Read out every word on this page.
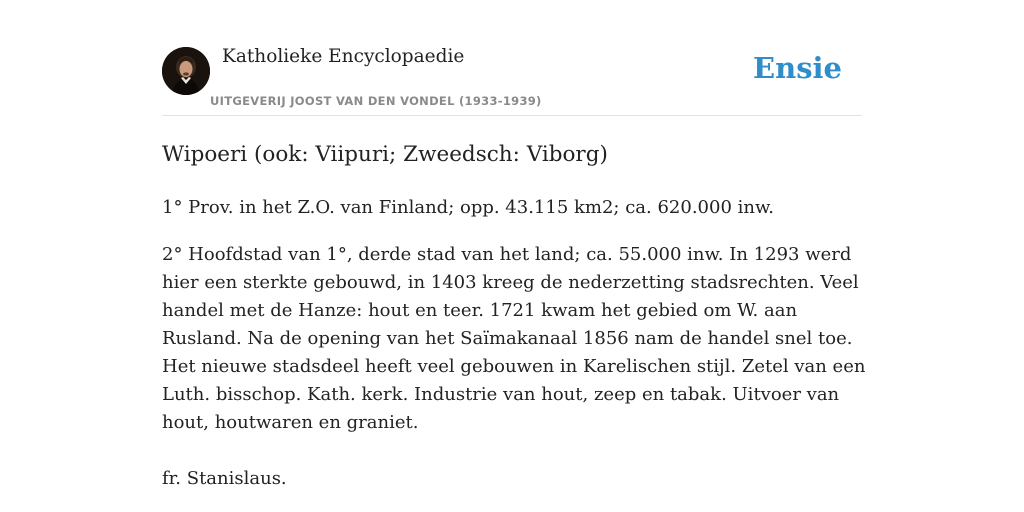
Katholieke Encyclopaedie
UITGEVERIJ JOOST VAN DEN VONDEL (1933-1939)
Ensie
Wipoeri (ook: Viipuri; Zweedsch: Viborg)

1° Prov. in het Z.O. van Finland; opp. 43.115 km2; ca. 620.000 inw.

2° Hoofdstad van 1°, derde stad van het land; ca. 55.000 inw. In 1293 werd hier een sterkte gebouwd, in 1403 kreeg de nederzetting stadsrechten. Veel handel met de Hanze: hout en teer. 1721 kwam het gebied om W. aan Rusland. Na de opening van het Saïmakanaal 1856 nam de handel snel toe. Het nieuwe stadsdeel heeft veel gebouwen in Karelischen stijl. Zetel van een Luth. bisschop. Kath. kerk. Industrie van hout, zeep en tabak. Uitvoer van hout, houtwaren en graniet.

fr. Stanislaus.
